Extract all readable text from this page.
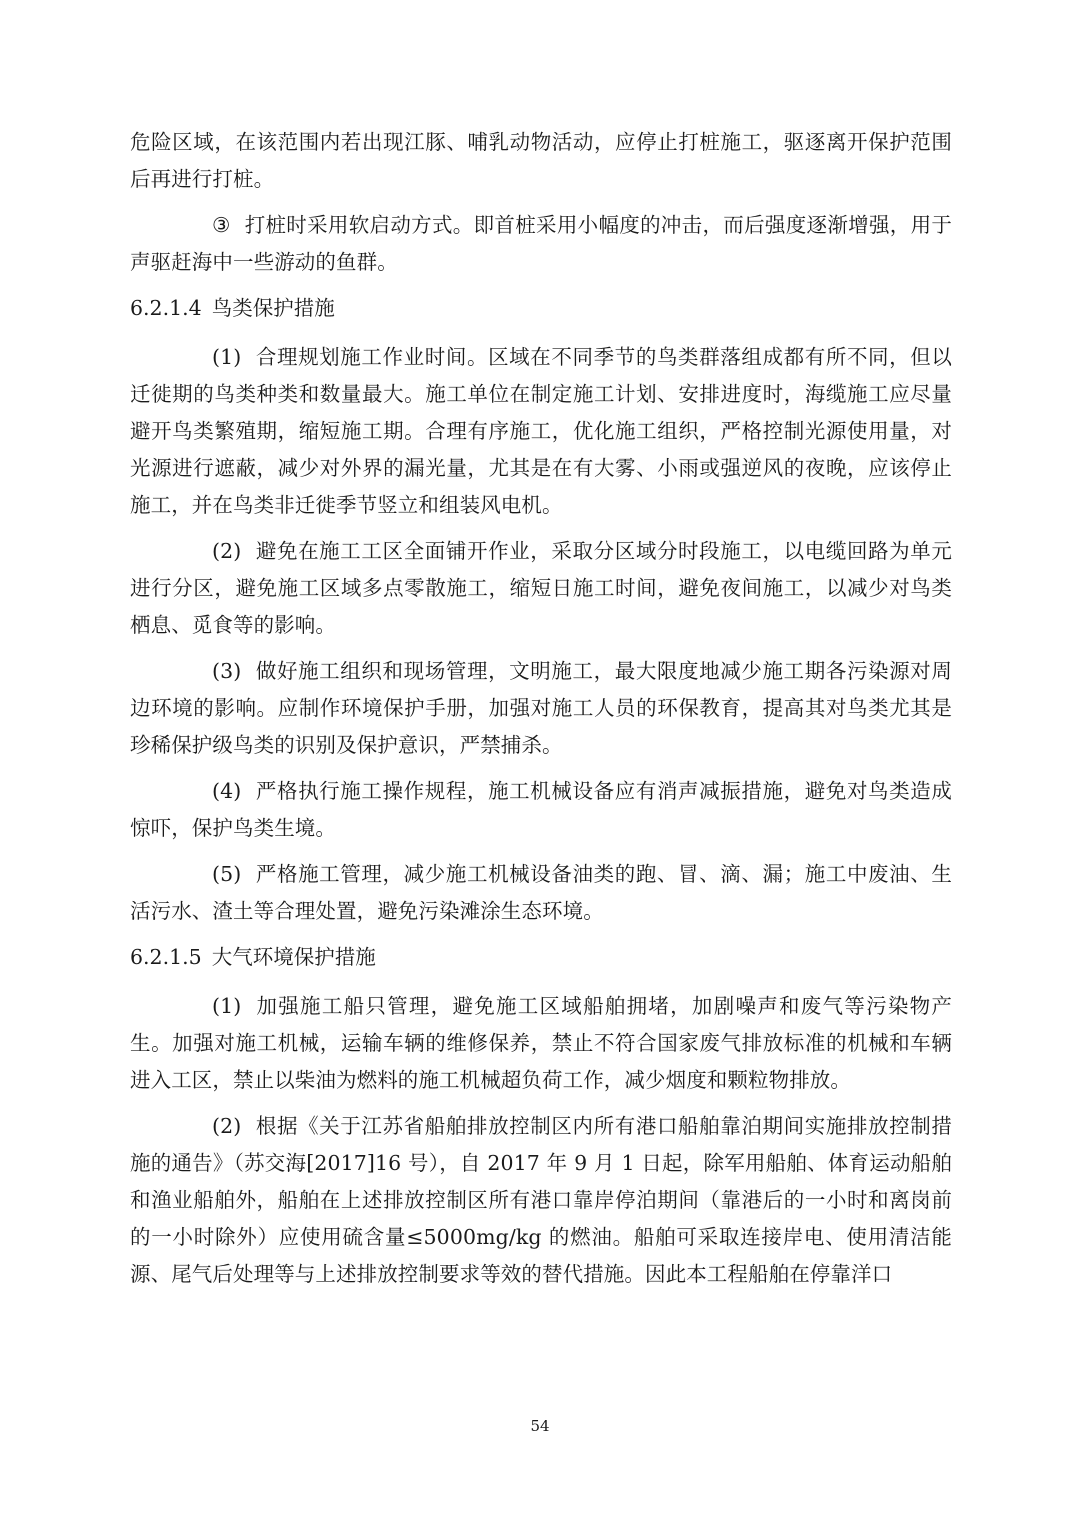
危险区域，在该范围内若出现江豚、哺乳动物活动，应停止打桩施工，驱逐离开保护范围后再进行打桩。

③ 打桩时采用软启动方式。即首桩采用小幅度的冲击，而后强度逐渐增强，用于声驱赶海中一些游动的鱼群。

6.2.1.4 鸟类保护措施

(1) 合理规划施工作业时间。区域在不同季节的鸟类群落组成都有所不同，但以迁徙期的鸟类种类和数量最大。施工单位在制定施工计划、安排进度时，海缆施工应尽量避开鸟类繁殖期，缩短施工期。合理有序施工，优化施工组织，严格控制光源使用量，对光源进行遮蔽，减少对外界的漏光量，尤其是在有大雾、小雨或强逆风的夜晚，应该停止施工，并在鸟类非迁徙季节竖立和组装风电机。

(2) 避免在施工工区全面铺开作业，采取分区域分时段施工，以电缆回路为单元进行分区，避免施工区域多点零散施工，缩短日施工时间，避免夜间施工，以减少对鸟类栖息、觅食等的影响。

(3) 做好施工组织和现场管理，文明施工，最大限度地减少施工期各污染源对周边环境的影响。应制作环境保护手册，加强对施工人员的环保教育，提高其对鸟类尤其是珍稀保护级鸟类的识别及保护意识，严禁捕杀。

(4) 严格执行施工操作规程，施工机械设备应有消声减振措施，避免对鸟类造成惊吓，保护鸟类生境。

(5) 严格施工管理，减少施工机械设备油类的跑、冒、滴、漏；施工中废油、生活污水、渣土等合理处置，避免污染滩涂生态环境。

6.2.1.5 大气环境保护措施

(1) 加强施工船只管理，避免施工区域船舶拥堵，加剧噪声和废气等污染物产生。加强对施工机械，运输车辆的维修保养，禁止不符合国家废气排放标准的机械和车辆进入工区，禁止以柴油为燃料的施工机械超负荷工作，减少烟度和颗粒物排放。

(2) 根据《关于江苏省船舶排放控制区内所有港口船舶靠泊期间实施排放控制措施的通告》（苏交海[2017]16 号），自 2017 年 9 月 1 日起，除军用船舶、体育运动船舶和渔业船舶外，船舶在上述排放控制区所有港口靠岸停泊期间（靠港后的一小时和离岗前的一小时除外）应使用硫含量≤5000mg/kg 的燃油。船舶可采取连接岸电、使用清洁能源、尾气后处理等与上述排放控制要求等效的替代措施。因此本工程船舶在停靠洋口

54
